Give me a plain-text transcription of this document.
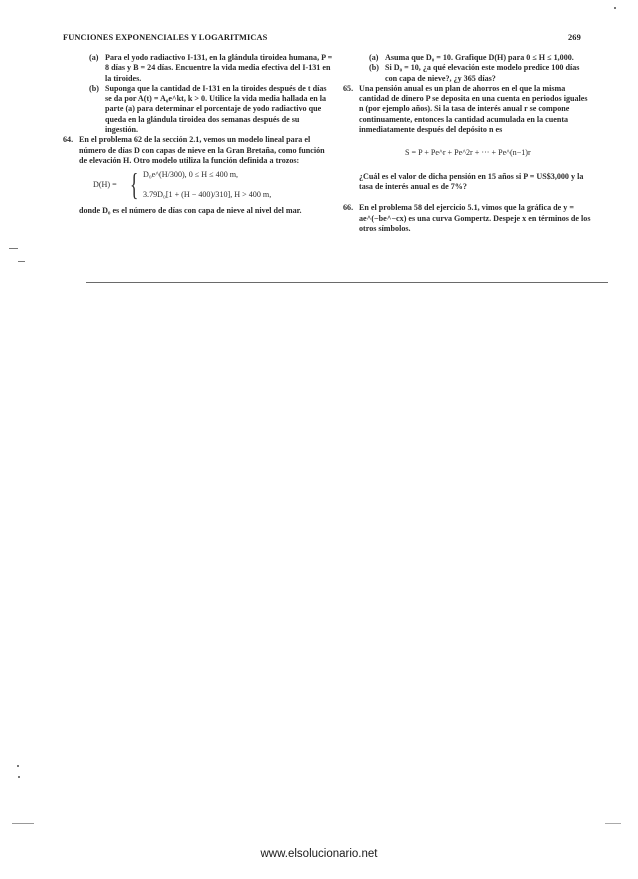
FUNCIONES EXPONENCIALES Y LOGARITMICAS	269

(a) Para el yodo radiactivo I-131, en la glándula tiroidea humana, P = 8 días y B = 24 días. Encuentre la vida media efectiva del I-131 en la tiroides.

(b) Suponga que la cantidad de I-131 en la tiroides después de t días se da por A(t) = A₀e^kt, k > 0. Utilice la vida media hallada en la parte (a) para determinar el porcentaje de yodo radiactivo que queda en la glándula tiroidea dos semanas después de su ingestión.

64. En el problema 62 de la sección 2.1, vemos un modelo lineal para el número de días D con capas de nieve en la Gran Bretaña, como función de elevación H. Otro modelo utiliza la función definida a trozos:

D(H) = { D₀e^(H/300), 0 ≤ H ≤ 400 m,
3.79D₀[1 + (H − 400)/310], H > 400 m,

donde D₀ es el número de días con capa de nieve al nivel del mar.

(a) Asuma que D₀ = 10. Grafique D(H) para 0 ≤ H ≤ 1,000.

(b) Si D₀ = 10, ¿a qué elevación este modelo predice 100 días con capa de nieve?, ¿y 365 días?

65. Una pensión anual es un plan de ahorros en el que la misma cantidad de dinero P se deposita en una cuenta en periodos iguales n (por ejemplo años). Si la tasa de interés anual r se compone continuamente, entonces la cantidad acumulada en la cuenta inmediatamente después del depósito n es

S = P + Pe^r + Pe^2r + ··· + Pe^(n−1)r

¿Cuál es el valor de dicha pensión en 15 años si P = US$3,000 y la tasa de interés anual es de 7%?

66. En el problema 58 del ejercicio 5.1, vimos que la gráfica de y = ae^(−be^−cx) es una curva Gompertz. Despeje x en términos de los otros símbolos.

www.elsolucionario.net
